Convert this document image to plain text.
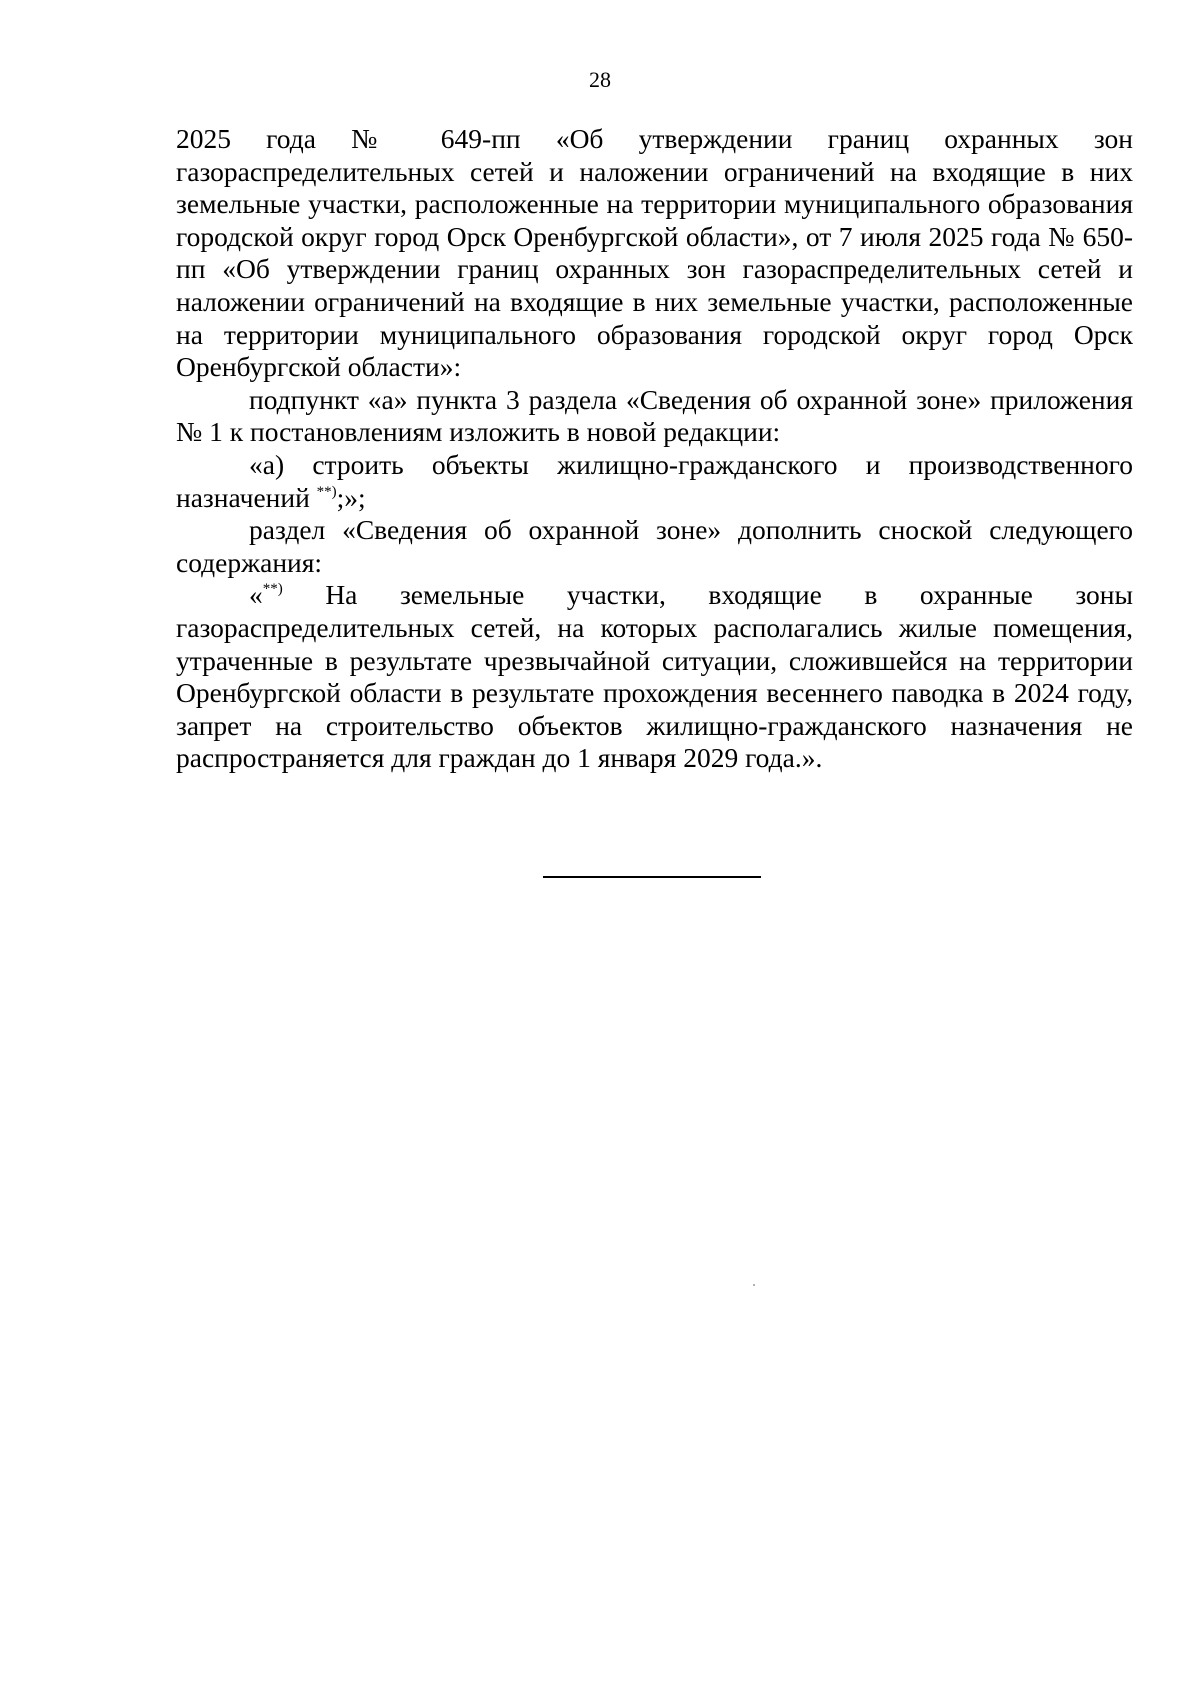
28

2025 года № 649-пп «Об утверждении границ охранных зон газораспределительных сетей и наложении ограничений на входящие в них земельные участки, расположенные на территории муниципального образования городской округ город Орск Оренбургской области», от 7 июля 2025 года № 650-пп «Об утверждении границ охранных зон газораспределительных сетей и наложении ограничений на входящие в них земельные участки, расположенные на территории муниципального образования городской округ город Орск Оренбургской области»:

подпункт «а» пункта 3 раздела «Сведения об охранной зоне» приложения № 1 к постановлениям изложить в новой редакции:

«а) строить объекты жилищно-гражданского и производственного назначений **);»;

раздел «Сведения об охранной зоне» дополнить сноской следующего содержания:

«**) На земельные участки, входящие в охранные зоны газораспределительных сетей, на которых располагались жилые помещения, утраченные в результате чрезвычайной ситуации, сложившейся на территории Оренбургской области в результате прохождения весеннего паводка в 2024 году, запрет на строительство объектов жилищно-гражданского назначения не распространяется для граждан до 1 января 2029 года.».
